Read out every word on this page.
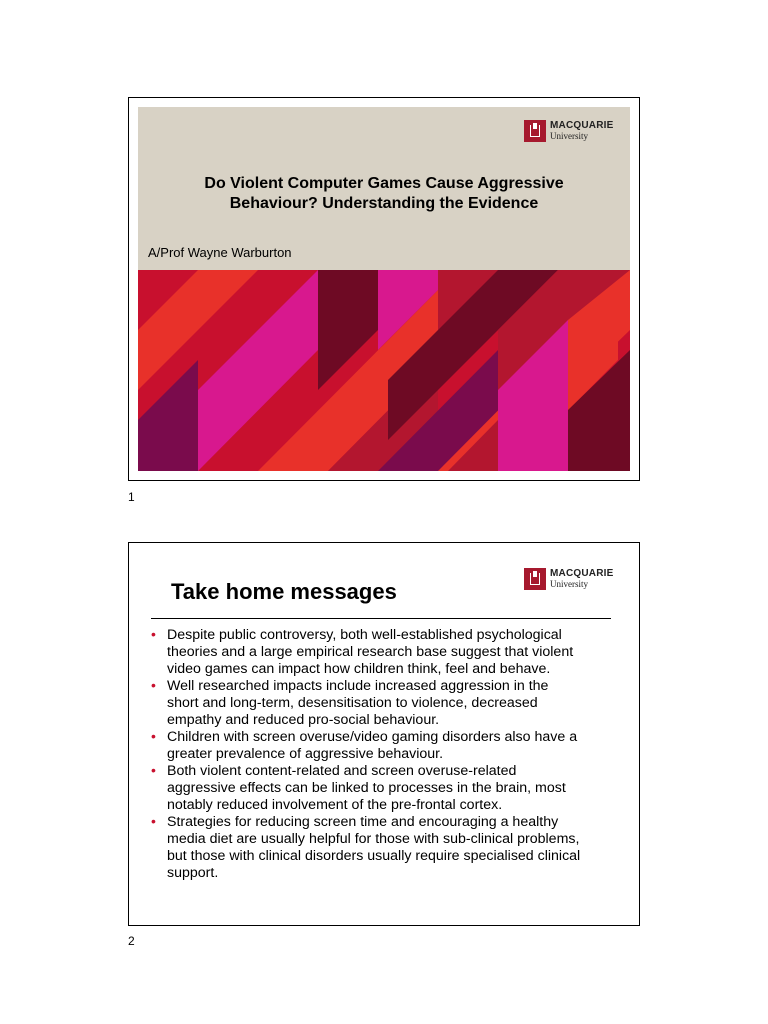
Do Violent Computer Games Cause Aggressive
Behaviour? Understanding the Evidence
A/Prof Wayne Warburton
MACQUARIE
University
1
Take home messages
MACQUARIE
University
• Despite public controversy, both well-established psychological
theories and a large empirical research base suggest that violent
video games can impact how children think, feel and behave.
• Well researched impacts include increased aggression in the
short and long-term, desensitisation to violence, decreased
empathy and reduced pro-social behaviour.
• Children with screen overuse/video gaming disorders also have a
greater prevalence of aggressive behaviour.
• Both violent content-related and screen overuse-related
aggressive effects can be linked to processes in the brain, most
notably reduced involvement of the pre-frontal cortex.
• Strategies for reducing screen time and encouraging a healthy
media diet are usually helpful for those with sub-clinical problems,
but those with clinical disorders usually require specialised clinical
support.
2
